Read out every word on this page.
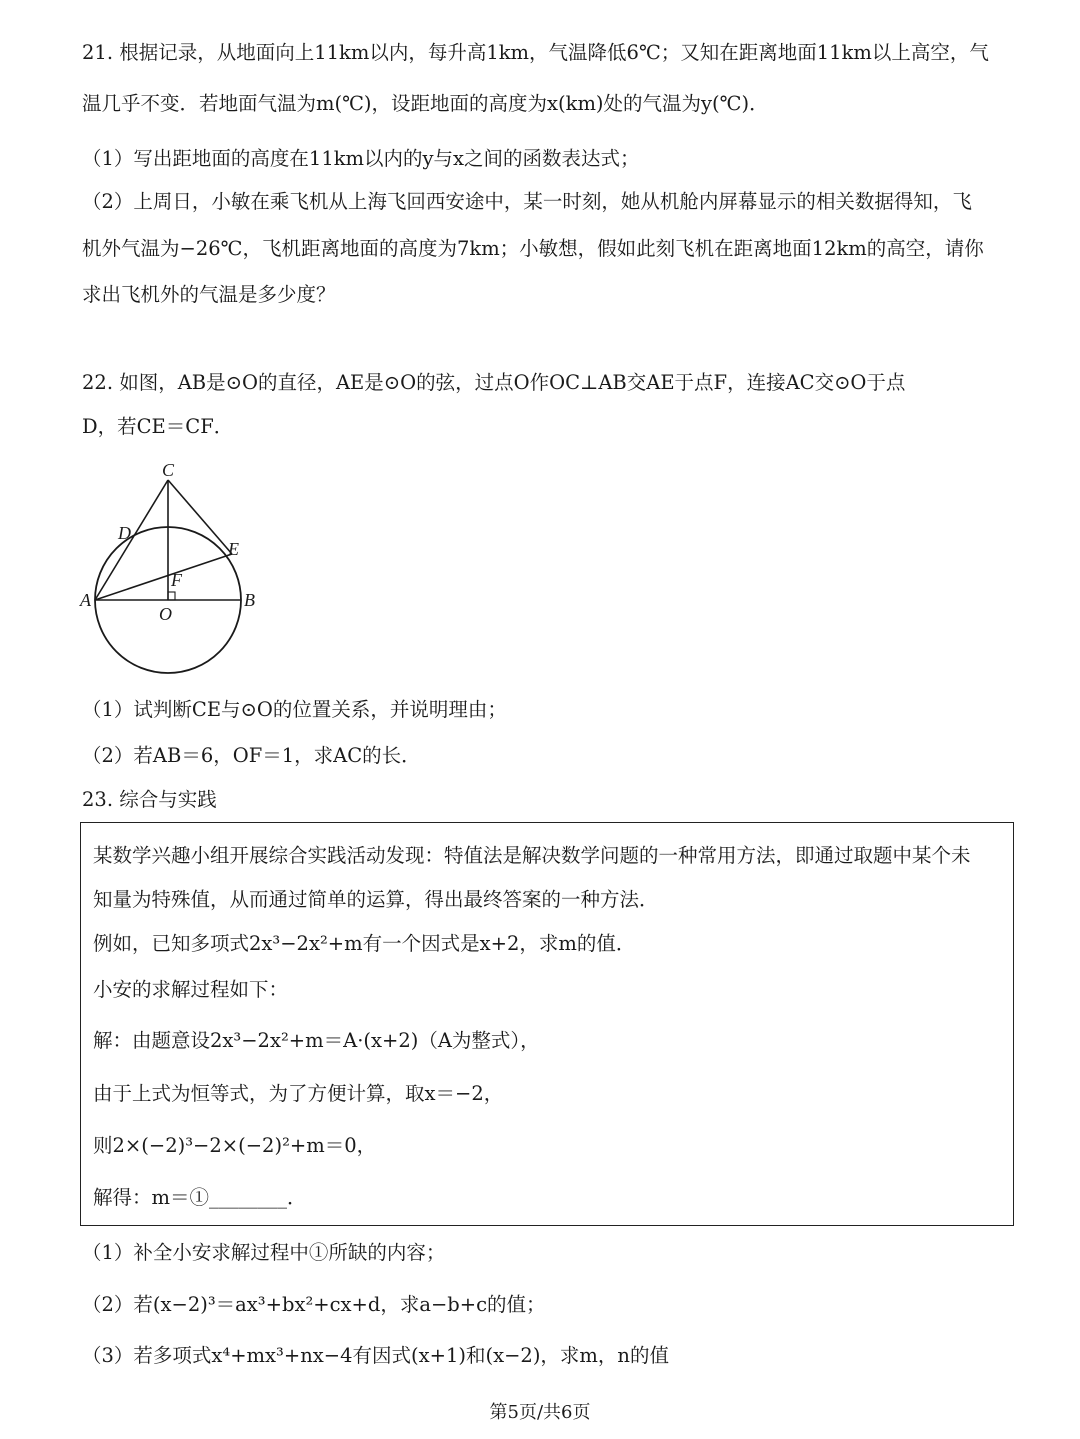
21. 根据记录，从地面向上11km以内，每升高1km，气温降低6℃；又知在距离地面11km以上高空，气
温几乎不变．若地面气温为m(℃)，设距地面的高度为x(km)处的气温为y(℃)．
（1）写出距地面的高度在11km以内的y与x之间的函数表达式；
（2）上周日，小敏在乘飞机从上海飞回西安途中，某一时刻，她从机舱内屏幕显示的相关数据得知，飞
机外气温为−26℃，飞机距离地面的高度为7km；小敏想，假如此刻飞机在距离地面12km的高空，请你
求出飞机外的气温是多少度？
22. 如图，AB是⊙O的直径，AE是⊙O的弦，过点O作OC⊥AB交AE于点F，连接AC交⊙O于点
D，若CE＝CF．
C
D
E
F
A
O
B
（1）试判断CE与⊙O的位置关系，并说明理由；
（2）若AB＝6，OF＝1，求AC的长．
23. 综合与实践
某数学兴趣小组开展综合实践活动发现：特值法是解决数学问题的一种常用方法，即通过取题中某个未
知量为特殊值，从而通过简单的运算，得出最终答案的一种方法．
例如，已知多项式2x³−2x²+m有一个因式是x+2，求m的值．
小安的求解过程如下：
解：由题意设2x³−2x²+m＝A·(x+2)（A为整式），
由于上式为恒等式，为了方便计算，取x＝−2，
则2×(−2)³−2×(−2)²+m＝0，
解得：m＝①________．
（1）补全小安求解过程中①所缺的内容；
（2）若(x−2)³＝ax³+bx²+cx+d，求a−b+c的值；
（3）若多项式x⁴+mx³+nx−4有因式(x+1)和(x−2)，求m，n的值
第5页/共6页
